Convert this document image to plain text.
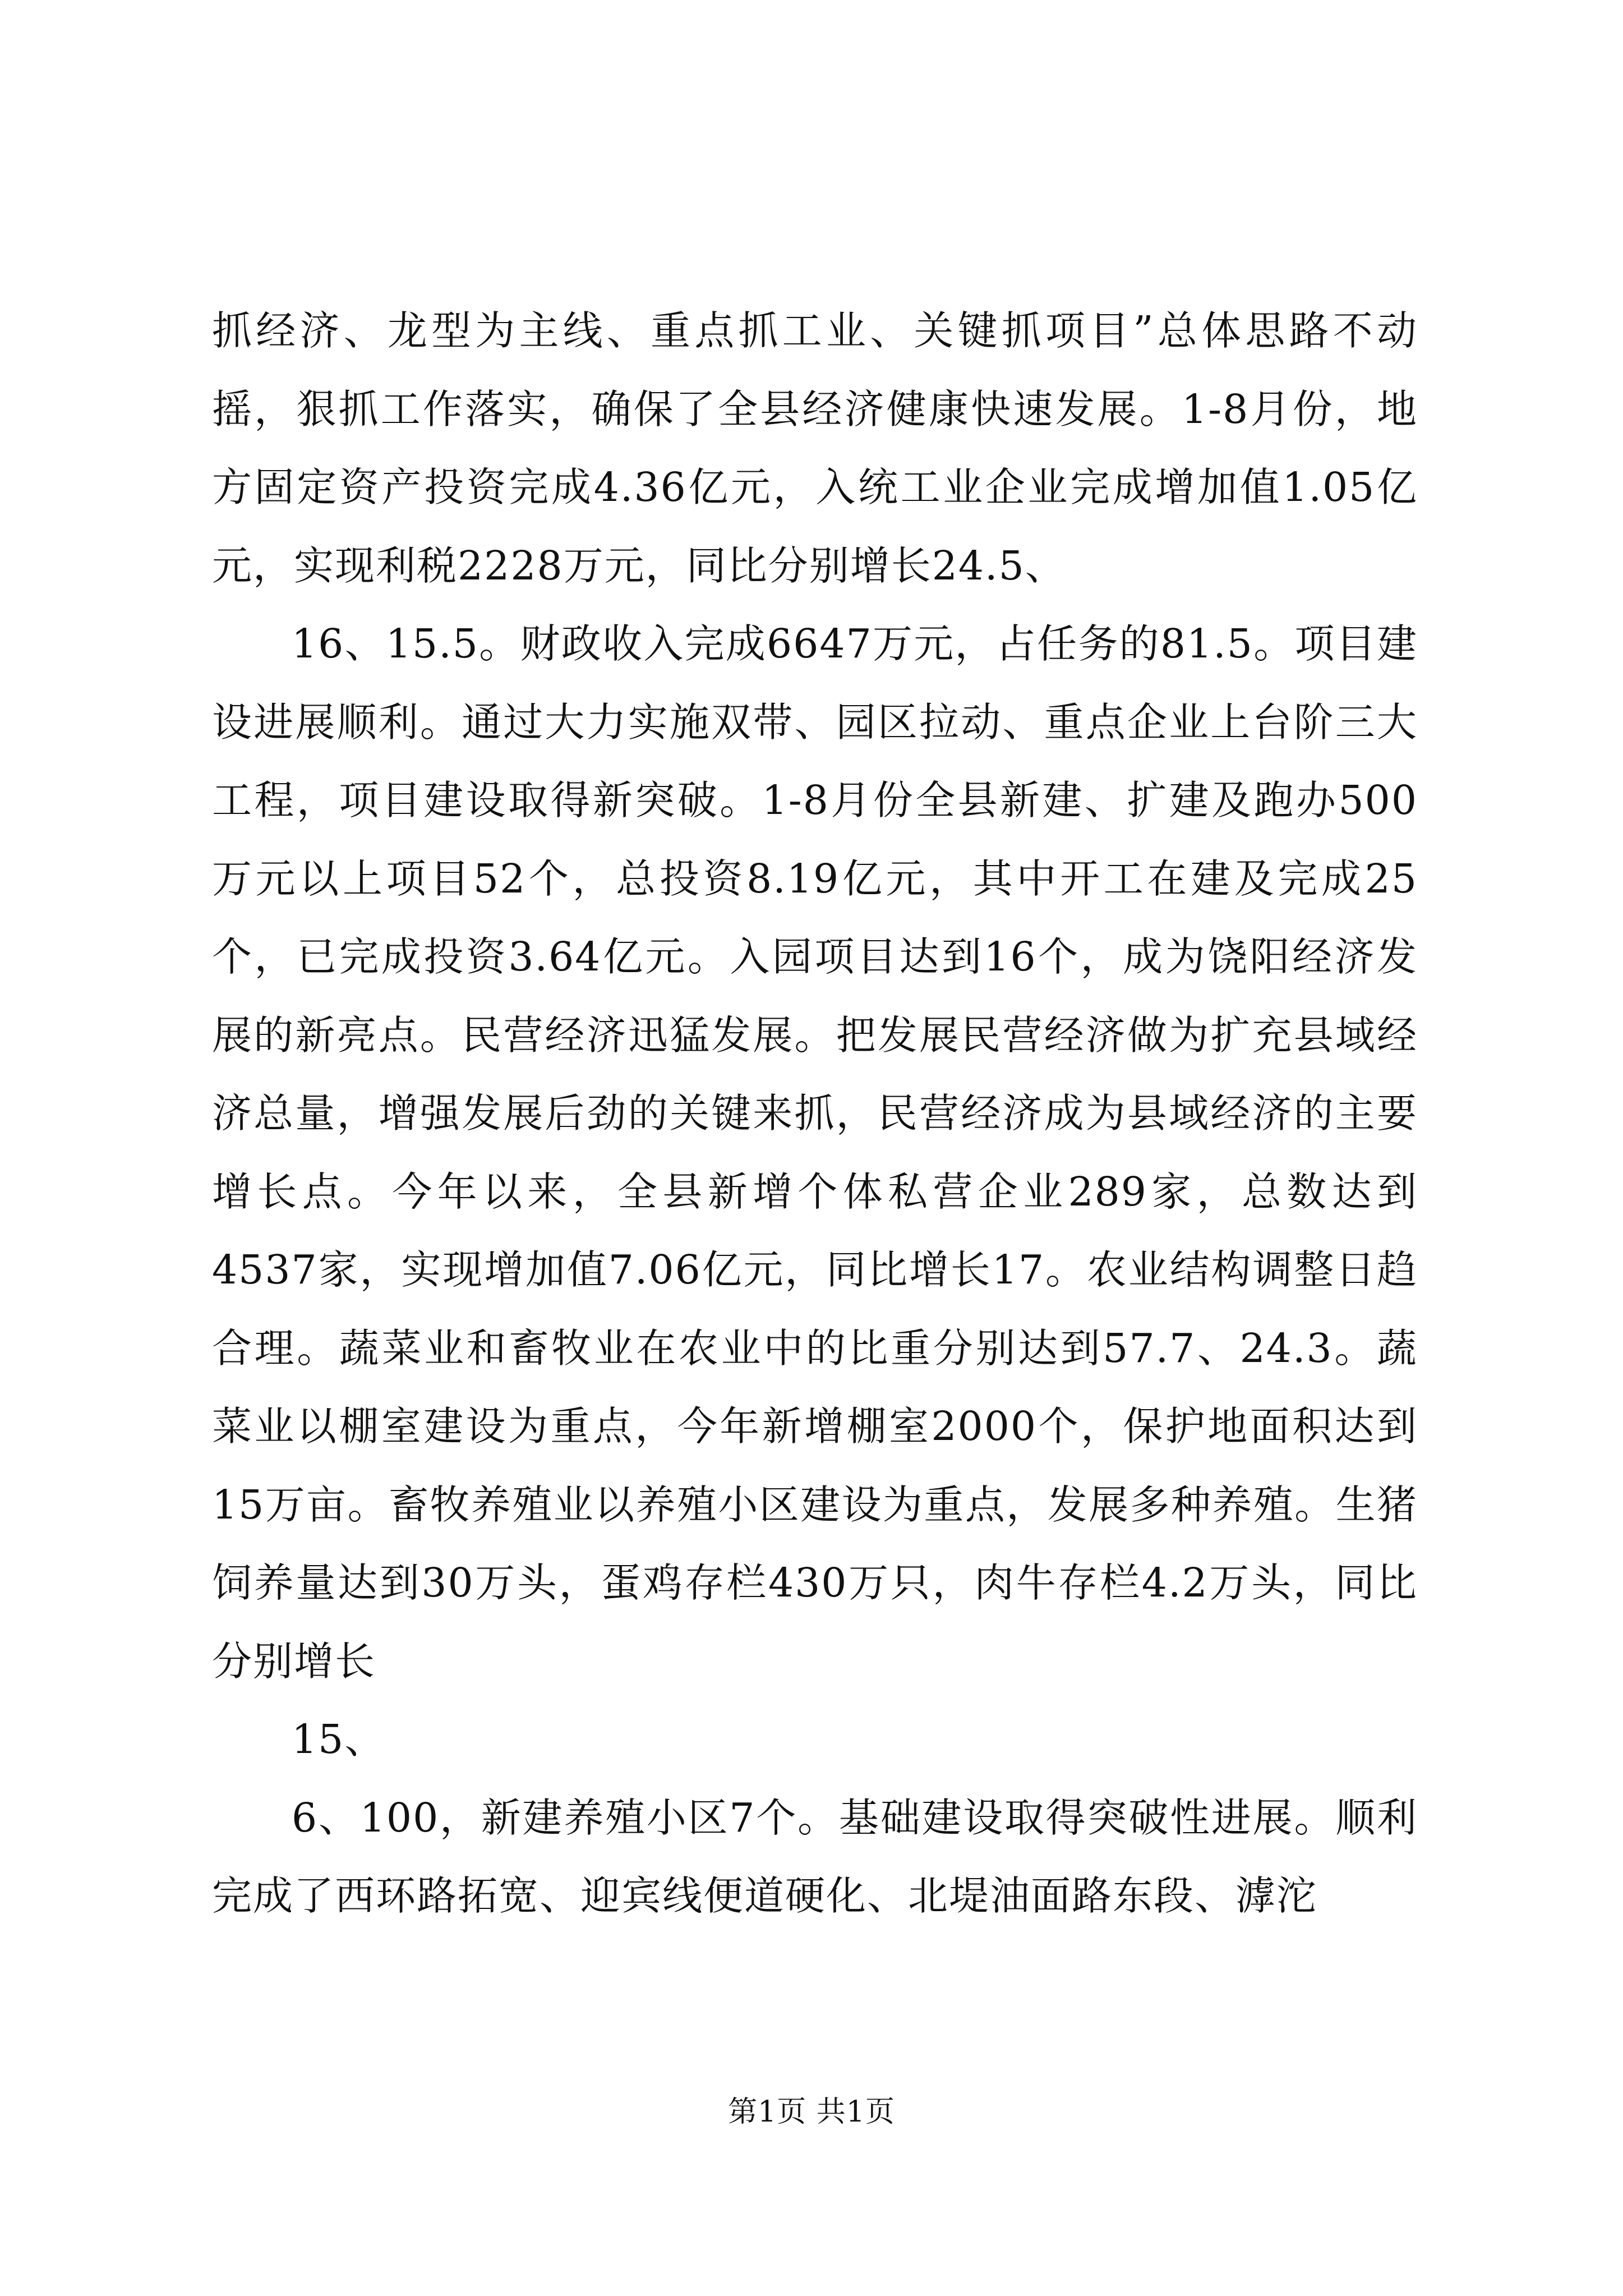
抓经济、龙型为主线、重点抓工业、关键抓项目”总体思路不动摇，狠抓工作落实，确保了全县经济健康快速发展。1-8月份，地方固定资产投资完成4.36亿元，入统工业企业完成增加值1.05亿元，实现利税2228万元，同比分别增长24.5、

16、15.5。财政收入完成6647万元，占任务的81.5。项目建设进展顺利。通过大力实施双带、园区拉动、重点企业上台阶三大工程，项目建设取得新突破。1-8月份全县新建、扩建及跑办500万元以上项目52个，总投资8.19亿元，其中开工在建及完成25个，已完成投资3.64亿元。入园项目达到16个，成为饶阳经济发展的新亮点。民营经济迅猛发展。把发展民营经济做为扩充县域经济总量，增强发展后劲的关键来抓，民营经济成为县域经济的主要增长点。今年以来，全县新增个体私营企业289家，总数达到4537家，实现增加值7.06亿元，同比增长17。农业结构调整日趋合理。蔬菜业和畜牧业在农业中的比重分别达到57.7、24.3。蔬菜业以棚室建设为重点，今年新增棚室2000个，保护地面积达到15万亩。畜牧养殖业以养殖小区建设为重点，发展多种养殖。生猪饲养量达到30万头，蛋鸡存栏430万只，肉牛存栏4.2万头，同比分别增长

15、

6、100，新建养殖小区7个。基础建设取得突破性进展。顺利完成了西环路拓宽、迎宾线便道硬化、北堤油面路东段、滹沱

第1页 共1页
